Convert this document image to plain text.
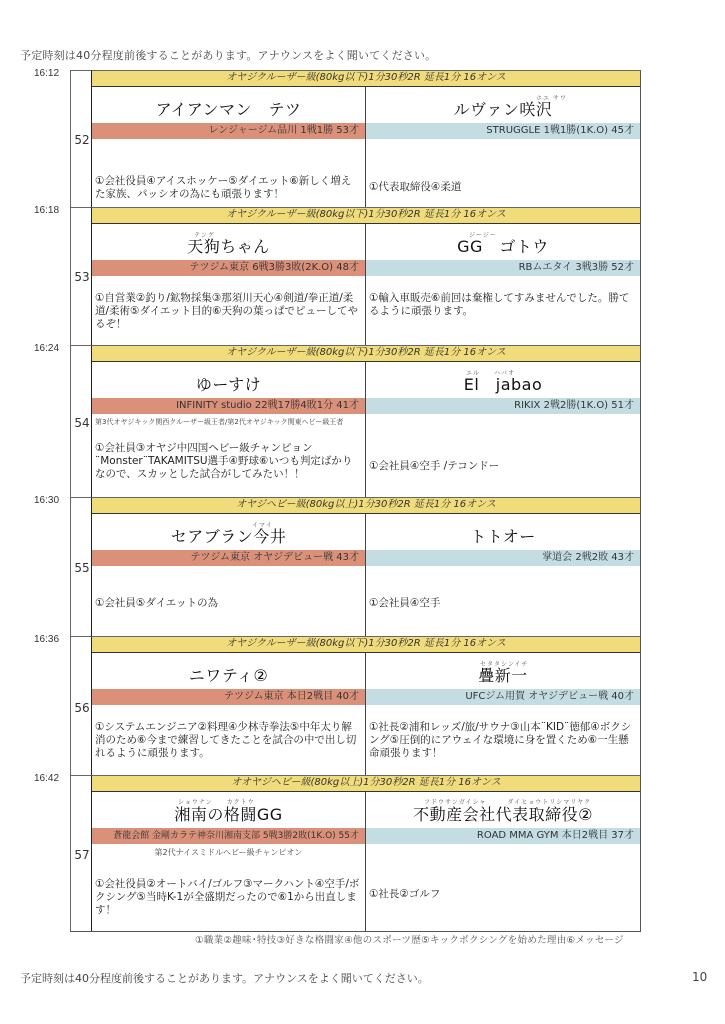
予定時刻は40分程度前後することがあります。アナウンスをよく聞いてください。
16:12
52
オヤジクルーザー級(80kg以下)1分30秒2R 延長1分 16オンス
アイアンマン　テツ
レンジャージム品川 1戦1勝 53才
①会社役員④アイスホッケー⑤ダイエット⑥新しく増えた家族、パッシオの為にも頑張ります！
ホエ サワ
ルヴァン咲沢
STRUGGLE 1戦1勝(1K.O) 45才
①代表取締役④柔道
16:18
53
オヤジクルーザー級(80kg以下)1分30秒2R 延長1分 16オンス
テング
天狗ちゃん
テツジム東京 6戦3勝3敗(2K.O) 48才
①自営業②釣り/鉱物採集③那須川天心④剣道/拳正道/柔道/柔術⑤ダイエット目的⑥天狗の葉っぱでピューしてやるぞ！
ジージー
GG　ゴトウ
RBムエタイ 3戦3勝 52才
①輸入車販売⑥前回は棄権してすみませんでした。勝てるように頑張ります。
16:24
54
オヤジクルーザー級(80kg以下)1分30秒2R 延長1分 16オンス
ゆーすけ
INFINITY studio 22戦17勝4敗1分 41才
第3代オヤジキック関西クルーザー級王者/第2代オヤジキック関東ヘビー級王者
①会社員③オヤジ中四国ヘビー級チャンピョン¨Monster¨TAKAMITSU選手④野球⑥いつも判定ばかりなので、スカッとした試合がしてみたい！！
エル　　ハバオ
El　jabao
RIKIX 2戦2勝(1K.O) 51才
①会社員④空手 /テコンドー
16:30
55
オヤジヘビー級(80kg以上)1分30秒2R 延長1分 16オンス
イマイ
セアブラン今井
テツジム東京 オヤジデビュー戦 43才
①会社員⑤ダイエットの為
トトオー
掌道会 2戦2敗 43才
①会社員④空手
16:36
56
オヤジクルーザー級(80kg以下)1分30秒2R 延長1分 16オンス
ニワティ②
テツジム東京 本日2戦目 40才
①システムエンジニア②料理④少林寺拳法⑤中年太り解消のため⑥今まで練習してきたことを試合の中で出し切れるように頑張ります。
セタタシンイチ
疊新一
UFCジム用賀 オヤジデビュー戦 40才
①社長②浦和レッズ/旅/サウナ③山本¨KID¨徳郁④ボクシング⑤圧倒的にアウェイな環境に身を置くため⑥一生懸命頑張ります！
16:42
57
オオヤジヘビー級(80kg以上)1分30秒2R 延長1分 16オンス
ショウナン　　カクトウ
湘南の格闘GG
蒼龍会館 金剛カラテ神奈川湘南支部 5戦3勝2敗(1K.O) 55才
第2代ナイスミドルヘビー級チャンピオン
①会社役員②オートバイ/ゴルフ③マークハント④空手/ボクシング⑤当時K-1が全盛期だったので⑥1から出直します！
フドウサンガイシャ　　　ダイヒョウトリシマリヤク
不動産会社代表取締役②
ROAD MMA GYM 本日2戦目 37才
①社長②ゴルフ
①職業②趣味･特技③好きな格闘家④他のスポーツ歴⑤キックボクシングを始めた理由⑥メッセージ
予定時刻は40分程度前後することがあります。アナウンスをよく聞いてください。	10
